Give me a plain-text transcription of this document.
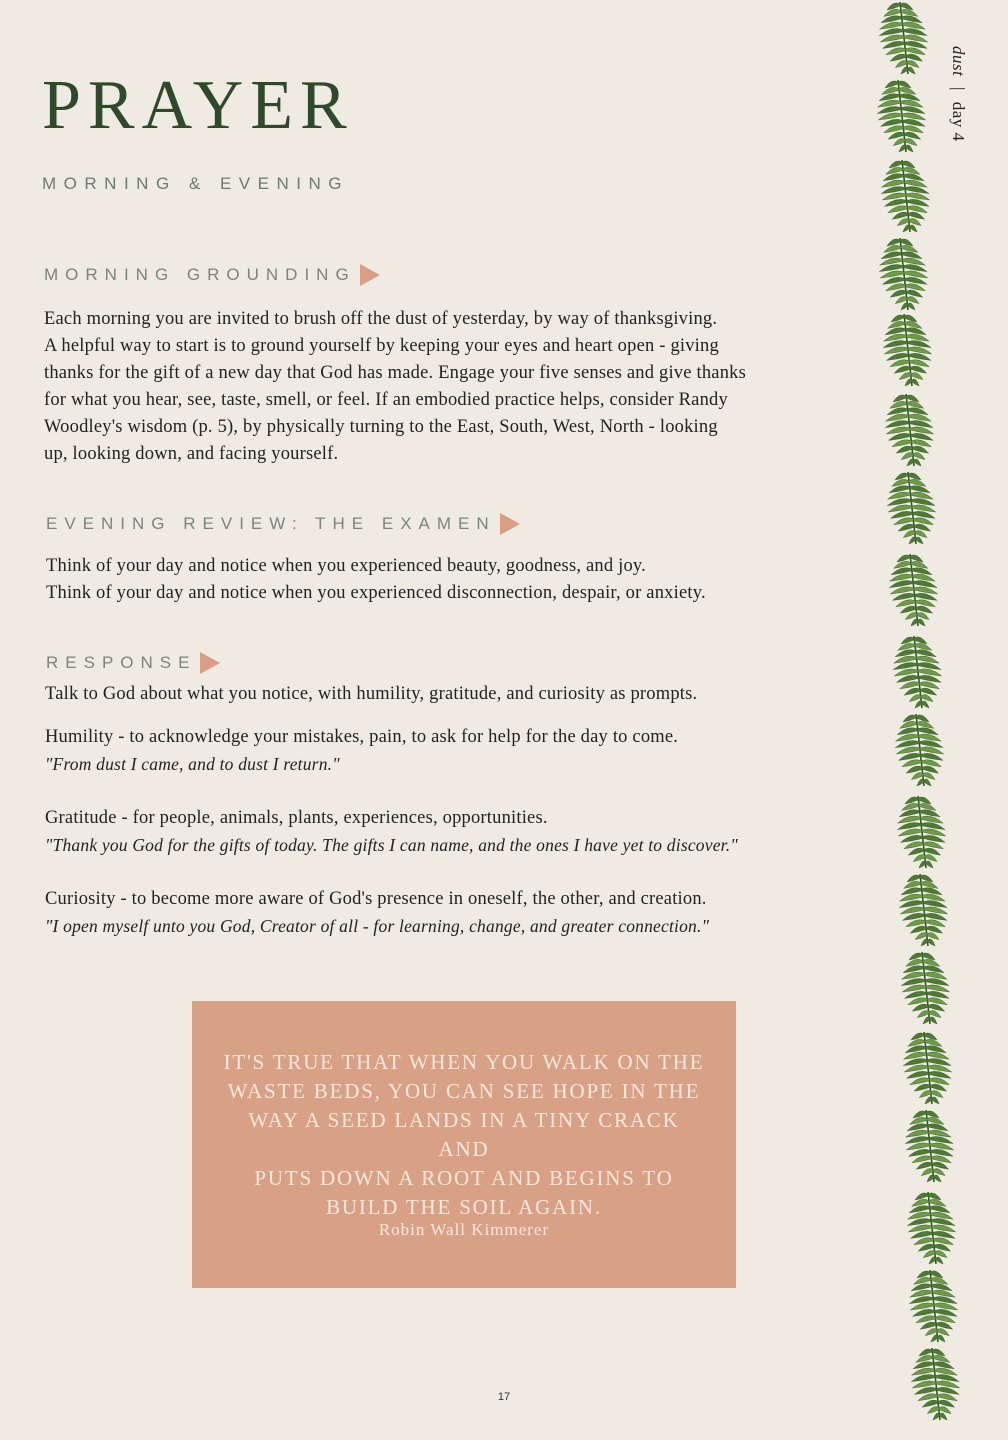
PRAYER
MORNING & EVENING
MORNING GROUNDING

Each morning you are invited to brush off the dust of yesterday, by way of thanksgiving.
A helpful way to start is to ground yourself by keeping your eyes and heart open - giving
thanks for the gift of a new day that God has made. Engage your five senses and give thanks
for what you hear, see, taste, smell, or feel. If an embodied practice helps, consider Randy
Woodley's wisdom (p. 5), by physically turning to the East, South, West, North - looking
up, looking down, and facing yourself.

EVENING REVIEW: THE EXAMEN

Think of your day and notice when you experienced beauty, goodness, and joy.
Think of your day and notice when you experienced disconnection, despair, or anxiety.

RESPONSE

Talk to God about what you notice, with humility, gratitude, and curiosity as prompts.

Humility - to acknowledge your mistakes, pain, to ask for help for the day to come.
"From dust I came, and to dust I return."

Gratitude - for people, animals, plants, experiences, opportunities.
"Thank you God for the gifts of today. The gifts I can name, and the ones I have yet to discover."

Curiosity - to become more aware of God's presence in oneself, the other, and creation.
"I open myself unto you God, Creator of all - for learning, change, and greater connection."

IT'S TRUE THAT WHEN YOU WALK ON THE
WASTE BEDS, YOU CAN SEE HOPE IN THE
WAY A SEED LANDS IN A TINY CRACK AND
PUTS DOWN A ROOT AND BEGINS TO
BUILD THE SOIL AGAIN.
Robin Wall Kimmerer
17
dust | day 4
